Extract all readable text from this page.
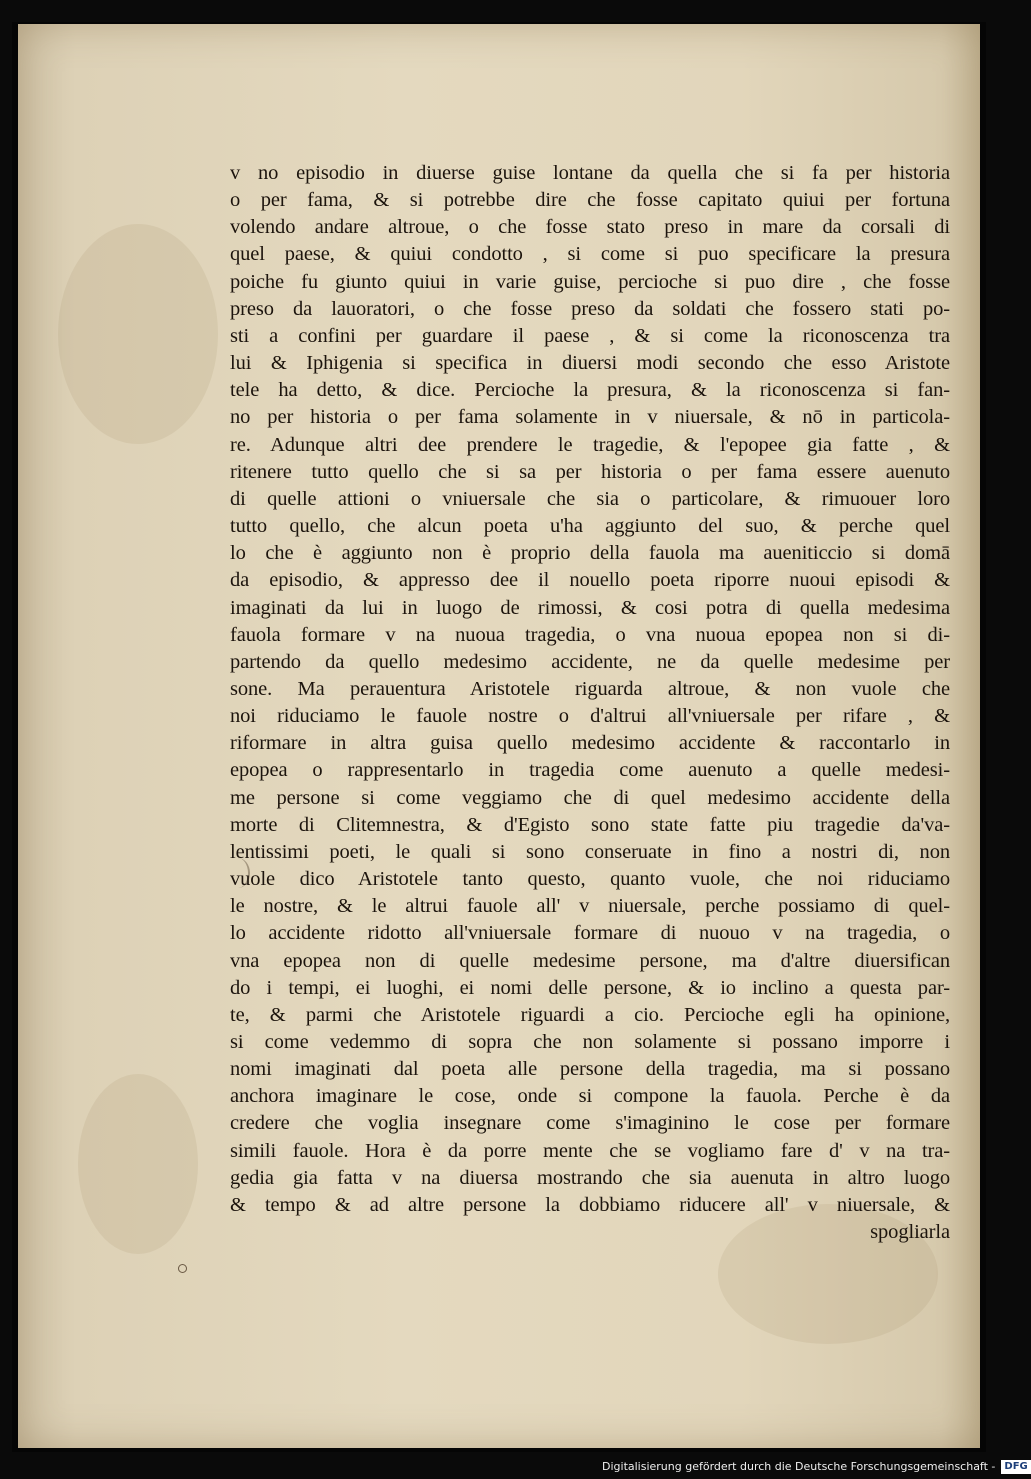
v no episodio in diuerse guise lontane da quella che si fa per historia
o per fama, & si potrebbe dire che fosse capitato quiui per fortuna
volendo andare altroue, o che fosse stato preso in mare da corsali di
quel paese, & quiui condotto , si come si puo specificare la presura
poiche fu giunto quiui in varie guise, percioche si puo dire , che fosse
preso da lauoratori, o che fosse preso da soldati che fossero stati po-
sti a confini per guardare il paese , & si come la riconoscenza tra
lui & Iphigenia si specifica in diuersi modi secondo che esso Aristote
tele ha detto, & dice. Percioche la presura, & la riconoscenza si fan-
no per historia o per fama solamente in v niuersale, & nō in particola-
re. Adunque altri dee prendere le tragedie, & l'epopee gia fatte , &
ritenere tutto quello che si sa per historia o per fama essere auenuto
di quelle attioni o vniuersale che sia o particolare, & rimuouer loro
tutto quello, che alcun poeta u'ha aggiunto del suo, & perche quel
lo che è aggiunto non è proprio della fauola ma aueniticcio si domā
da episodio, & appresso dee il nouello poeta riporre nuoui episodi &
imaginati da lui in luogo de rimossi, & cosi potra di quella medesima
fauola formare v na nuoua tragedia, o vna nuoua epopea non si di-
partendo da quello medesimo accidente, ne da quelle medesime per
sone. Ma perauentura Aristotele riguarda altroue, & non vuole che
noi riduciamo le fauole nostre o d'altrui all'vniuersale per rifare , &
riformare in altra guisa quello medesimo accidente & raccontarlo in
epopea o rappresentarlo in tragedia come auenuto a quelle medesi-
me persone si come veggiamo che di quel medesimo accidente della
morte di Clitemnestra, & d'Egisto sono state fatte piu tragedie da'va-
lentissimi poeti, le quali si sono conseruate in fino a nostri di, non
vuole dico Aristotele tanto questo, quanto vuole, che noi riduciamo
le nostre, & le altrui fauole all' v niuersale, perche possiamo di quel-
lo accidente ridotto all'vniuersale formare di nuouo v na tragedia, o
vna epopea non di quelle medesime persone, ma d'altre diuersifican
do i tempi, ei luoghi, ei nomi delle persone, & io inclino a questa par-
te, & parmi che Aristotele riguardi a cio. Percioche egli ha opinione,
si come vedemmo di sopra che non solamente si possano imporre i
nomi imaginati dal poeta alle persone della tragedia, ma si possano
anchora imaginare le cose, onde si compone la fauola. Perche è da
credere che voglia insegnare come s'imaginino le cose per formare
simili fauole. Hora è da porre mente che se vogliamo fare d' v na tra-
gedia gia fatta v na diuersa mostrando che sia auenuta in altro luogo
& tempo & ad altre persone la dobbiamo riducere all' v niuersale, &
spogliarla
Digitalisierung gefördert durch die Deutsche Forschungsgemeinschaft - DFG
